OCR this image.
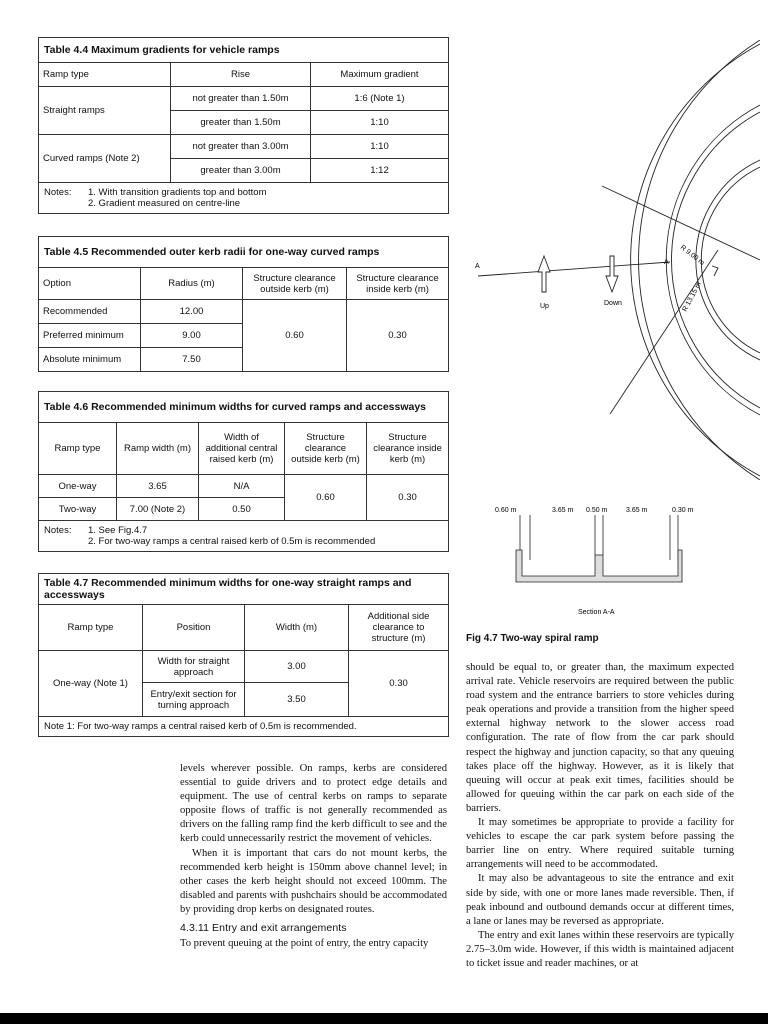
Table 4.4 Maximum gradients for vehicle ramps		
Ramp type	Rise	Maximum gradient
Straight ramps	not greater than 1.50m	1:6 (Note 1)
	greater than 1.50m	1:10
Curved ramps (Note 2)	not greater than 3.00m	1:10
	greater than 3.00m	1:12

Notes: 1. With transition gradients top and bottom
2. Gradient measured on centre-line		
Table 4.5 Recommended outer kerb radii for one-way curved ramps			
Option	Radius (m)	Structure clearance outside kerb (m)	Structure clearance inside kerb (m)
Recommended	12.00	0.60	0.30
Preferred minimum	9.00		
Absolute minimum	7.50		
Table 4.6 Recommended minimum widths for curved ramps and accessways				
Ramp type	Ramp width (m)	Width of additional central raised kerb (m)	Structure clearance outside kerb (m)	Structure clearance inside kerb (m)
One-way	3.65	N/A	0.60	0.30
Two-way	7.00 (Note 2)	0.50		

Notes: 1. See Fig.4.7
2. For two-way ramps a central raised kerb of 0.5m is recommended				
Table 4.7 Recommended minimum widths for one-way straight ramps and accessways			
Ramp type	Position	Width (m)	Additional side clearance to structure (m)
One-way (Note 1)	Width for straight approach	3.00	0.30
	Entry/exit section for turning approach	3.50	
Note 1: For two-way ramps a central raised kerb of 0.5m is recommended.			
A
A
Up	Down
R 9.00 m
R 13.15 m
0.60 m	3.65 m 0.50 m	3.65 m	0.30 m
Section A-A
Fig 4.7 Two-way spiral ramp

levels wherever possible. On ramps, kerbs are considered essential to guide drivers and to protect edge details and equipment. The use of central kerbs on ramps to separate opposite flows of traffic is not generally recommended as drivers on the falling ramp find the kerb difficult to see and the kerb could unnecessarily restrict the movement of vehicles.

When it is important that cars do not mount kerbs, the recommended kerb height is 150mm above channel level; in other cases the kerb height should not exceed 100mm. The disabled and parents with pushchairs should be accommodated by providing drop kerbs on designated routes.

4.3.11 Entry and exit arrangements

To prevent queuing at the point of entry, the entry capacity

should be equal to, or greater than, the maximum expected arrival rate. Vehicle reservoirs are required between the public road system and the entrance barriers to store vehicles during peak operations and provide a transition from the higher speed external highway network to the slower access road configuration. The rate of flow from the car park should respect the highway and junction capacity, so that any queuing takes place off the highway. However, as it is likely that queuing will occur at peak exit times, facilities should be allowed for queuing within the car park on each side of the barriers.

It may sometimes be appropriate to provide a facility for vehicles to escape the car park system before passing the barrier line on entry. Where required suitable turning arrangements will need to be accommodated.

It may also be advantageous to site the entrance and exit side by side, with one or more lanes made reversible. Then, if peak inbound and outbound demands occur at different times, a lane or lanes may be reversed as appropriate.

The entry and exit lanes within these reservoirs are typically 2.75–3.0m wide. However, if this width is maintained adjacent to ticket issue and reader machines, or at
